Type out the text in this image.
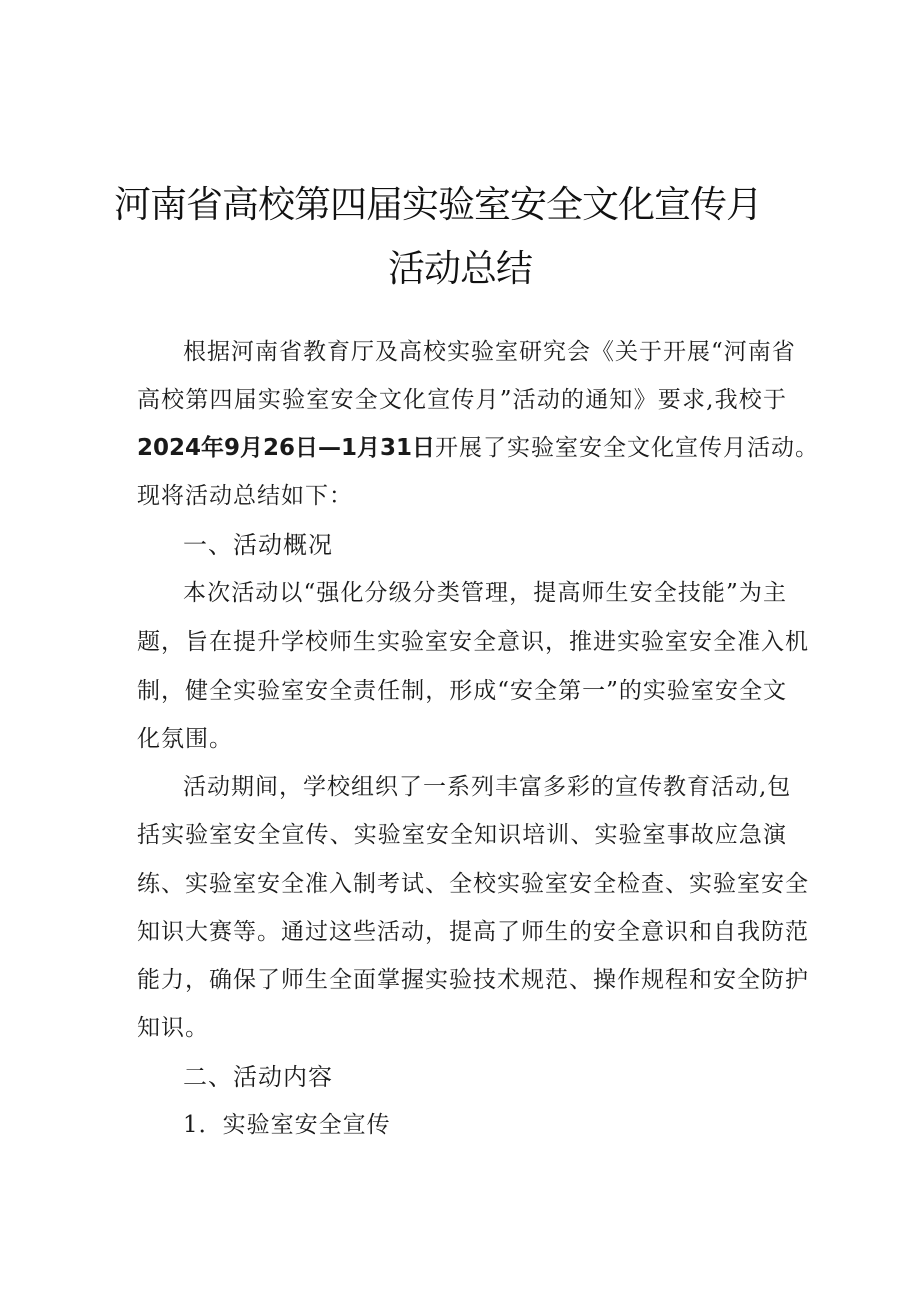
河南省高校第四届实验室安全文化宣传月
活动总结
根据河南省教育厅及高校实验室研究会《关于开展“河南省
高校第四届实验室安全文化宣传月”活动的通知》要求,我校于
2024年9月26日—1月31日开展了实验室安全文化宣传月活动。
现将活动总结如下：
一、活动概况
本次活动以“强化分级分类管理，提高师生安全技能”为主
题，旨在提升学校师生实验室安全意识，推进实验室安全准入机
制，健全实验室安全责任制，形成“安全第一”的实验室安全文
化氛围。
活动期间，学校组织了一系列丰富多彩的宣传教育活动,包
括实验室安全宣传、实验室安全知识培训、实验室事故应急演
练、实验室安全准入制考试、全校实验室安全检查、实验室安全
知识大赛等。通过这些活动，提高了师生的安全意识和自我防范
能力，确保了师生全面掌握实验技术规范、操作规程和安全防护
知识。
二、活动内容
1．实验室安全宣传
